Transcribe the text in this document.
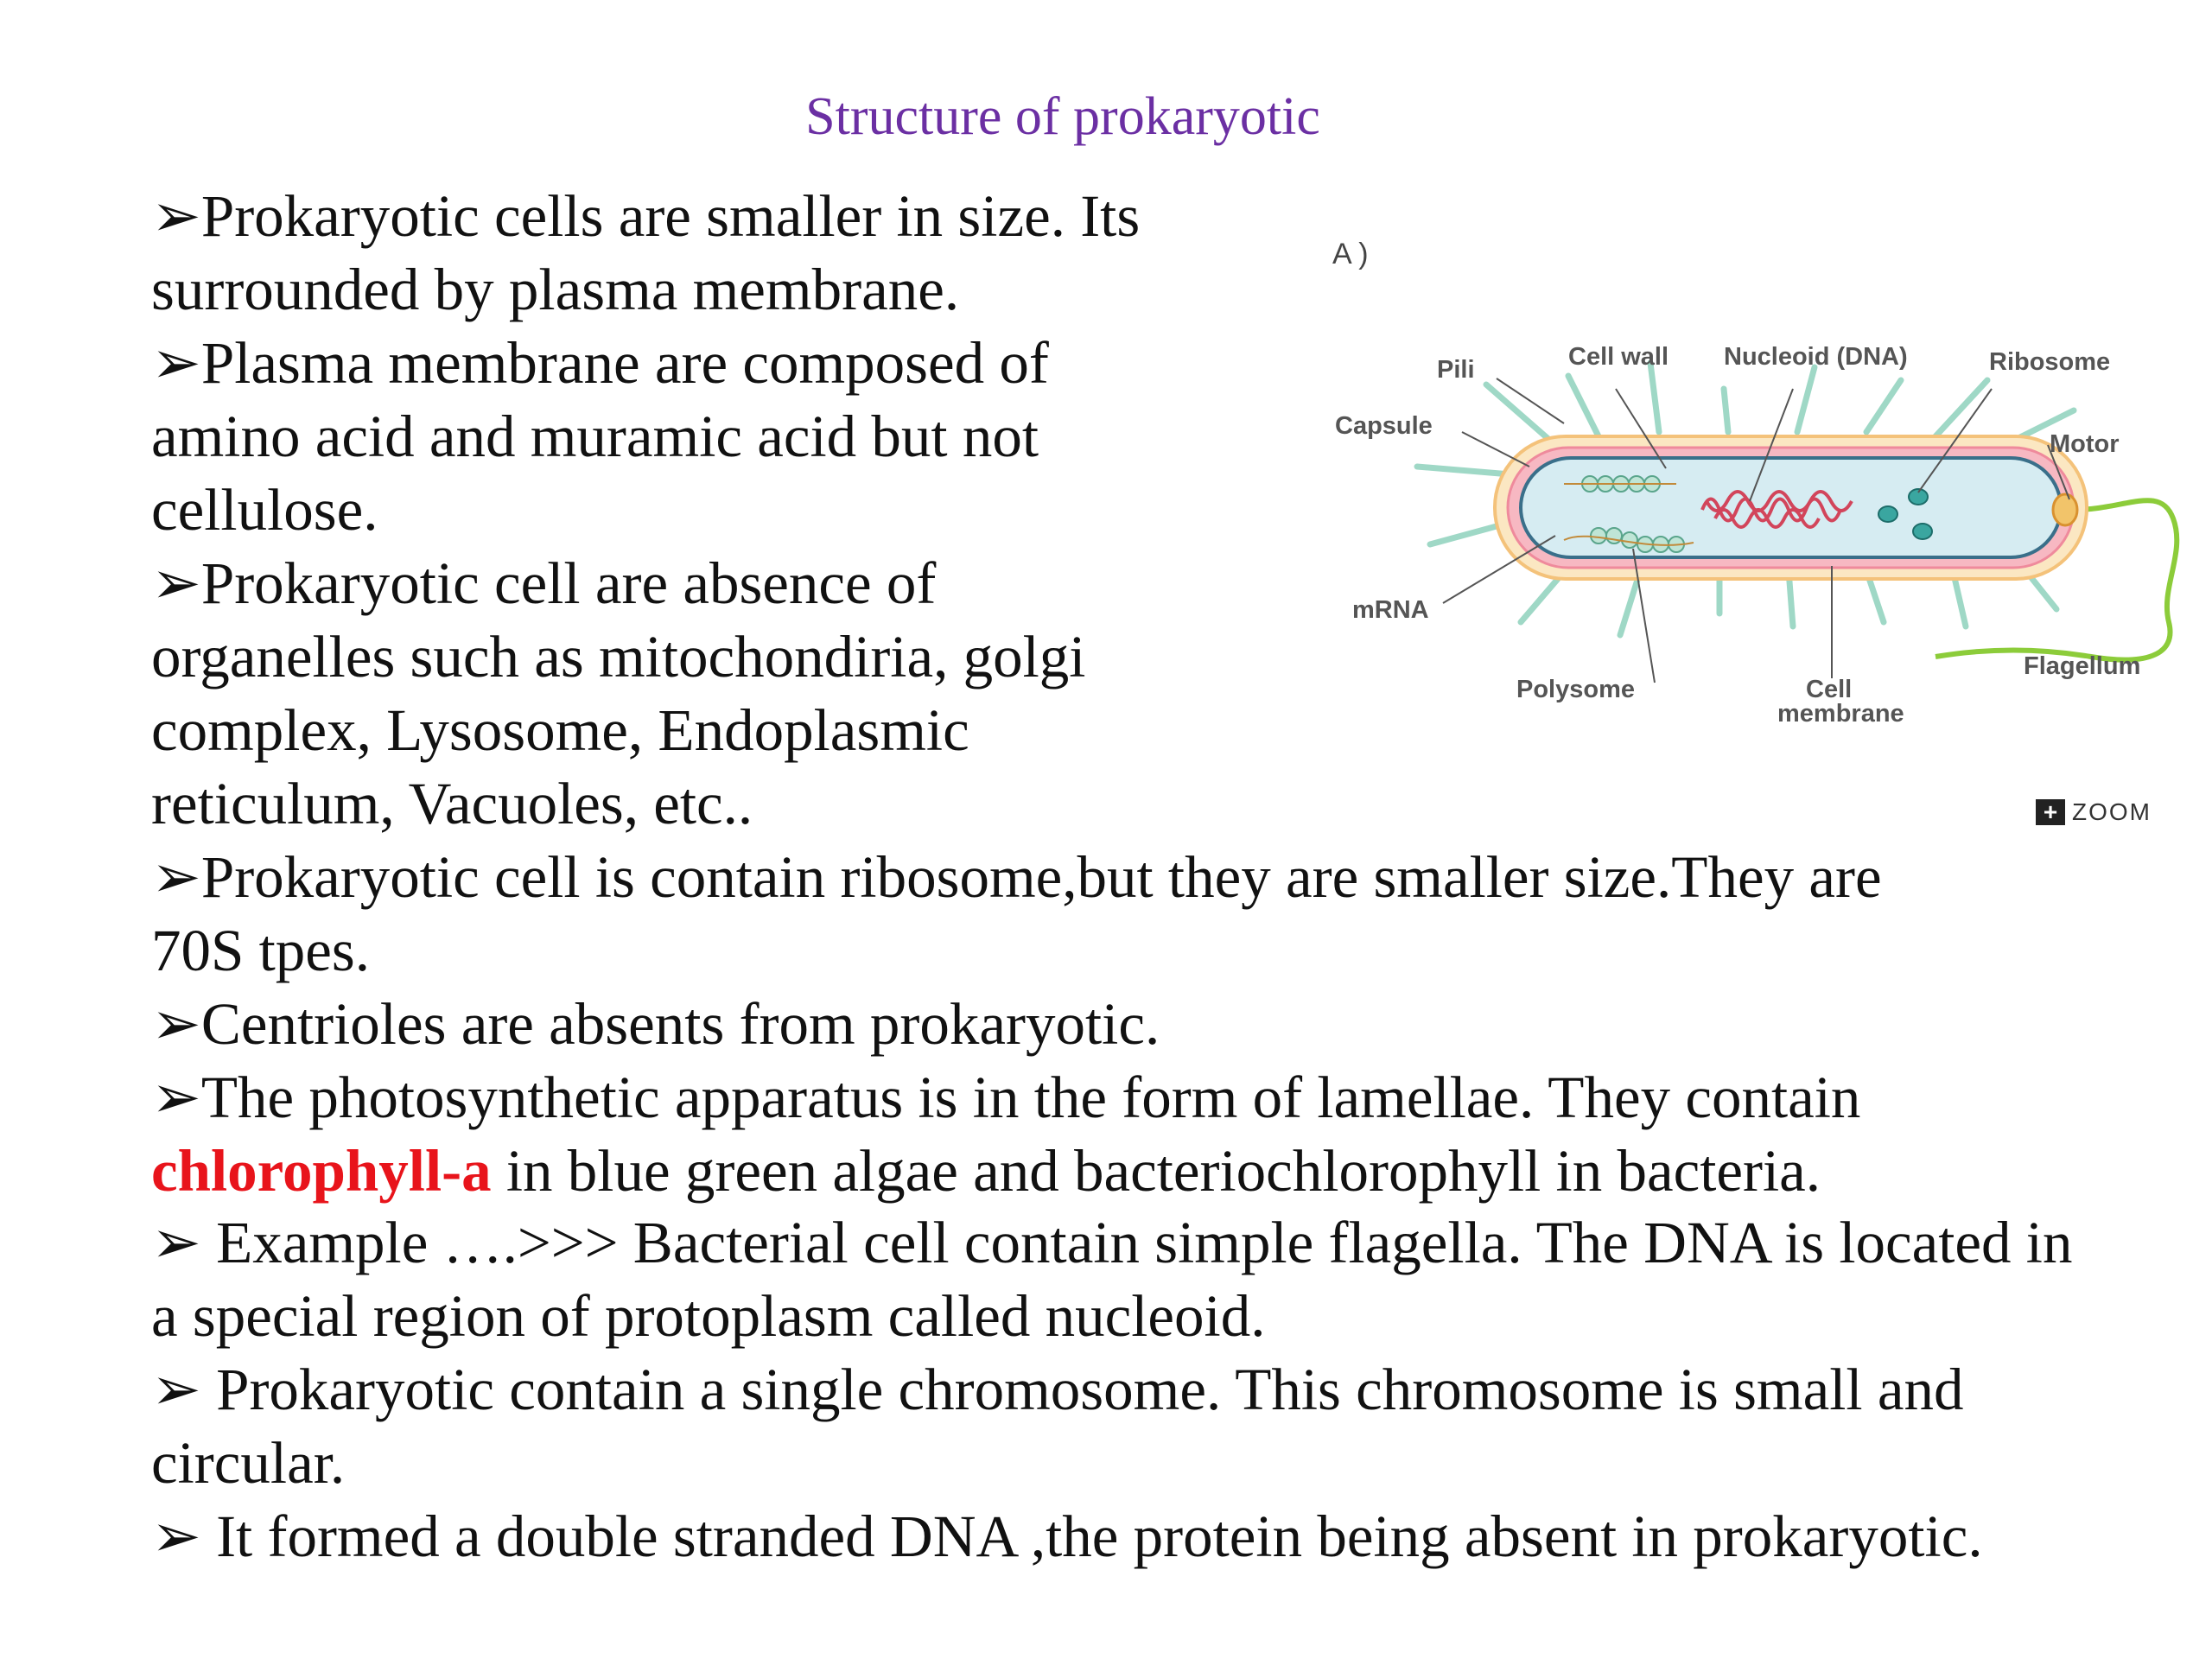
Structure of prokaryotic

➢Prokaryotic cells are smaller in size. Its
surrounded by plasma membrane.

➢Plasma membrane are composed of
amino acid and muramic acid but not
cellulose.

➢Prokaryotic cell are absence of
organelles such as mitochondiria, golgi
complex, Lysosome, Endoplasmic
reticulum, Vacuoles, etc..

➢Prokaryotic cell is contain ribosome,but they are smaller size.They are
70S tpes.

➢Centrioles are absents from prokaryotic.

➢The photosynthetic apparatus is in the form of lamellae. They contain
chlorophyll-a in blue green algae and bacteriochlorophyll in bacteria.

➢ Example ….>>> Bacterial cell contain simple flagella. The DNA is located in
a special region of protoplasm called nucleoid.

➢ Prokaryotic contain a single chromosome. This chromosome is small and
circular.

➢ It formed a double stranded DNA ,the protein being absent in prokaryotic.

A )
Pili
Capsule
Cell wall Nucleoid (DNA)	Ribosome
Motor
mRNA
Polysome	Cell
membrane
Flagellum
+ ZOOM
